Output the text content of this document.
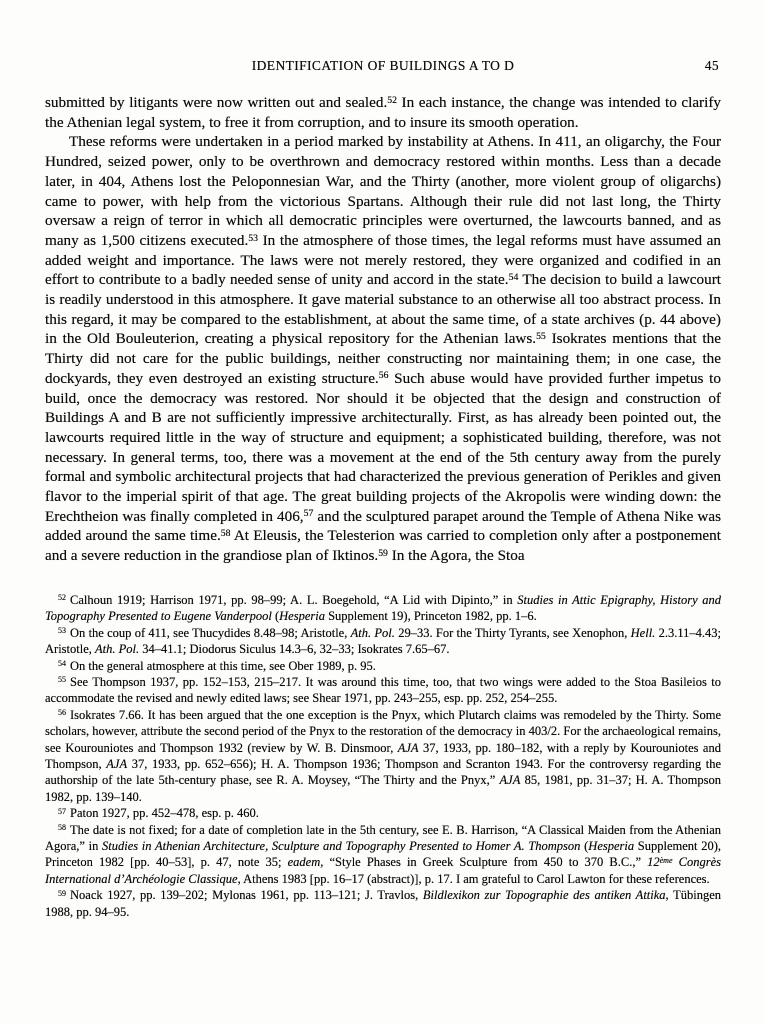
IDENTIFICATION OF BUILDINGS A TO D	45

submitted by litigants were now written out and sealed.$^{52}$ In each instance, the change was intended to clarify the Athenian legal system, to free it from corruption, and to insure its smooth operation.

These reforms were undertaken in a period marked by instability at Athens. In 411, an oligarchy, the Four Hundred, seized power, only to be overthrown and democracy restored within months. Less than a decade later, in 404, Athens lost the Peloponnesian War, and the Thirty (another, more violent group of oligarchs) came to power, with help from the victorious Spartans. Although their rule did not last long, the Thirty oversaw a reign of terror in which all democratic principles were overturned, the lawcourts banned, and as many as 1,500 citizens executed.$^{53}$ In the atmosphere of those times, the legal reforms must have assumed an added weight and importance. The laws were not merely restored, they were organized and codified in an effort to contribute to a badly needed sense of unity and accord in the state.$^{54}$ The decision to build a lawcourt is readily understood in this atmosphere. It gave material substance to an otherwise all too abstract process. In this regard, it may be compared to the establishment, at about the same time, of a state archives (p. 44 above) in the Old Bouleuterion, creating a physical repository for the Athenian laws.$^{55}$ Isokrates mentions that the Thirty did not care for the public buildings, neither constructing nor maintaining them; in one case, the dockyards, they even destroyed an existing structure.$^{56}$ Such abuse would have provided further impetus to build, once the democracy was restored. Nor should it be objected that the design and construction of Buildings A and B are not sufficiently impressive architecturally. First, as has already been pointed out, the lawcourts required little in the way of structure and equipment; a sophisticated building, therefore, was not necessary. In general terms, too, there was a movement at the end of the 5th century away from the purely formal and symbolic architectural projects that had characterized the previous generation of Perikles and given flavor to the imperial spirit of that age. The great building projects of the Akropolis were winding down: the Erechtheion was finally completed in 406,57 and the sculptured parapet around the Temple of Athena Nike was added around the same time.$^{58}$ At Eleusis, the Telesterion was carried to completion only after a postponement and a severe reduction in the grandiose plan of Iktinos.$^{59}$ In the Agora, the Stoa

$^{52}$ Calhoun 1919; Harrison 1971, pp. 98–99; A. L. Boegehold, “A Lid with Dipinto,” in Studies in Attic Epigraphy, History and Topography Presented to Eugene Vanderpool (Hesperia Supplement 19), Princeton 1982, pp. 1–6.

$^{53}$ On the coup of 411, see Thucydides 8.48–98; Aristotle, Ath. Pol. 29–33. For the Thirty Tyrants, see Xenophon, Hell. 2.3.11–4.43; Aristotle, Ath. Pol. 34–41.1; Diodorus Siculus 14.3–6, 32–33; Isokrates 7.65–67.

$^{54}$ On the general atmosphere at this time, see Ober 1989, p. 95.

$^{55}$ See Thompson 1937, pp. 152–153, 215–217. It was around this time, too, that two wings were added to the Stoa Basileios to accommodate the revised and newly edited laws; see Shear 1971, pp. 243–255, esp. pp. 252, 254–255.

$^{56}$ Isokrates 7.66. It has been argued that the one exception is the Pnyx, which Plutarch claims was remodeled by the Thirty. Some scholars, however, attribute the second period of the Pnyx to the restoration of the democracy in 403/2. For the archaeological remains, see Kourouniotes and Thompson 1932 (review by W. B. Dinsmoor, AJA 37, 1933, pp. 180–182, with a reply by Kourouniotes and Thompson, AJA 37, 1933, pp. 652–656); H. A. Thompson 1936; Thompson and Scranton 1943. For the controversy regarding the authorship of the late 5th-century phase, see R. A. Moysey, “The Thirty and the Pnyx,” AJA 85, 1981, pp. 31–37; H. A. Thompson 1982, pp. 139–140.

$^{57}$ Paton 1927, pp. 452–478, esp. p. 460.

$^{58}$ The date is not fixed; for a date of completion late in the 5th century, see E. B. Harrison, “A Classical Maiden from the Athenian Agora,” in Studies in Athenian Architecture, Sculpture and Topography Presented to Homer A. Thompson (Hesperia Supplement 20), Princeton 1982 [pp. 40–53], p. 47, note 35; eadem, “Style Phases in Greek Sculpture from 450 to 370 B.C.,” 12ème Congrès International d’Archéologie Classique, Athens 1983 [pp. 16–17 (abstract)], p. 17. I am grateful to Carol Lawton for these references.

$^{59}$ Noack 1927, pp. 139–202; Mylonas 1961, pp. 113–121; J. Travlos, Bildlexikon zur Topographie des antiken Attika, Tübingen 1988, pp. 94–95.
